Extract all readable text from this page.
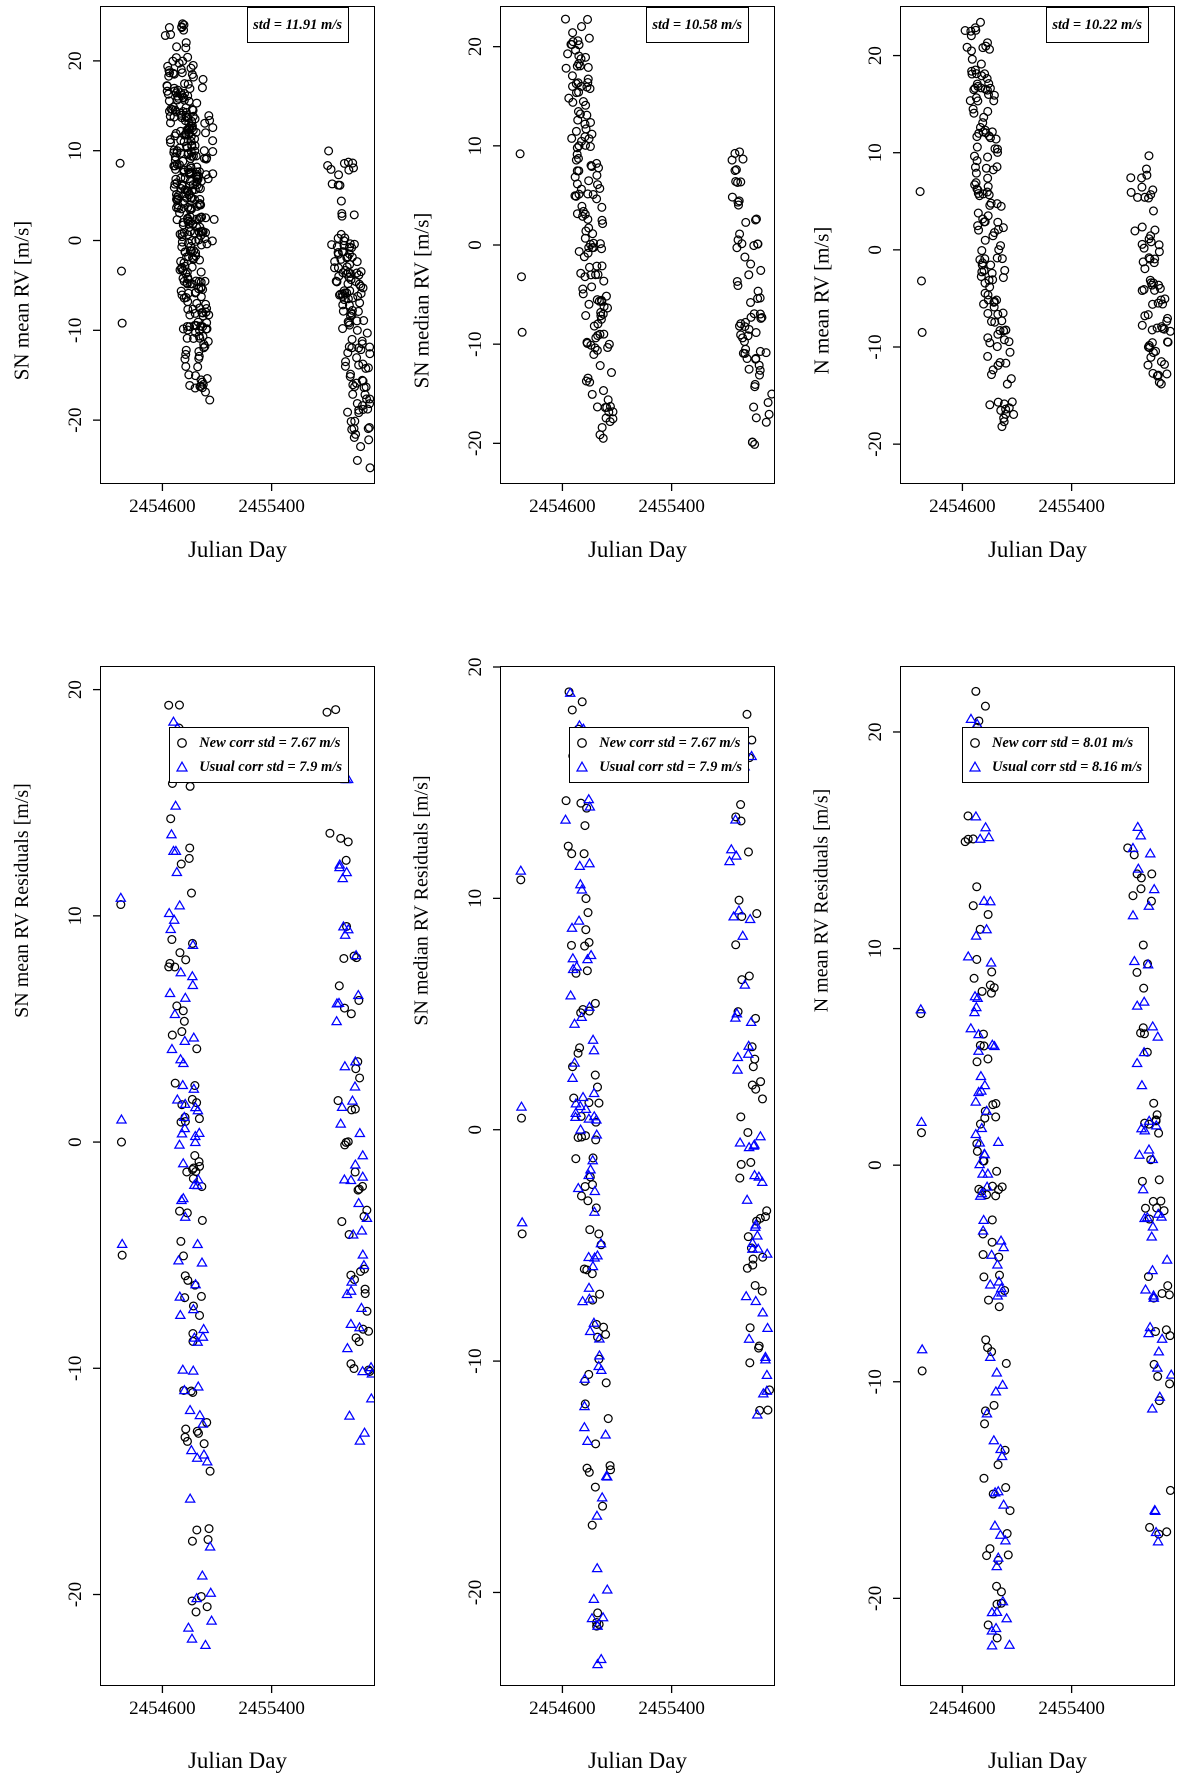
SN mean RV [m/s]
2454600 2455400
-20
-10
0
10
20
std = 11.91 m/s
Julian Day
SN median RV [m/s]
2454600 2455400
-20
-10
0
10
20
std = 10.58 m/s
Julian Day
N mean RV [m/s]
2454600 2455400
-20
-10
0
10
20
std = 10.22 m/s
Julian Day
SN mean RV Residuals [m/s]
2454600 2455400
-20
-10
0
10
20
New corr std = 7.67 m/s
Usual corr std = 7.9 m/s
Julian Day
SN median RV Residuals [m/s]
2454600 2455400
-20
-10
0
10
20
New corr std = 7.67 m/s
Usual corr std = 7.9 m/s
Julian Day
N mean RV Residuals [m/s]
2454600 2455400
-20
-10
0
10
20
New corr std = 8.01 m/s
Usual corr std = 8.16 m/s
Julian Day
